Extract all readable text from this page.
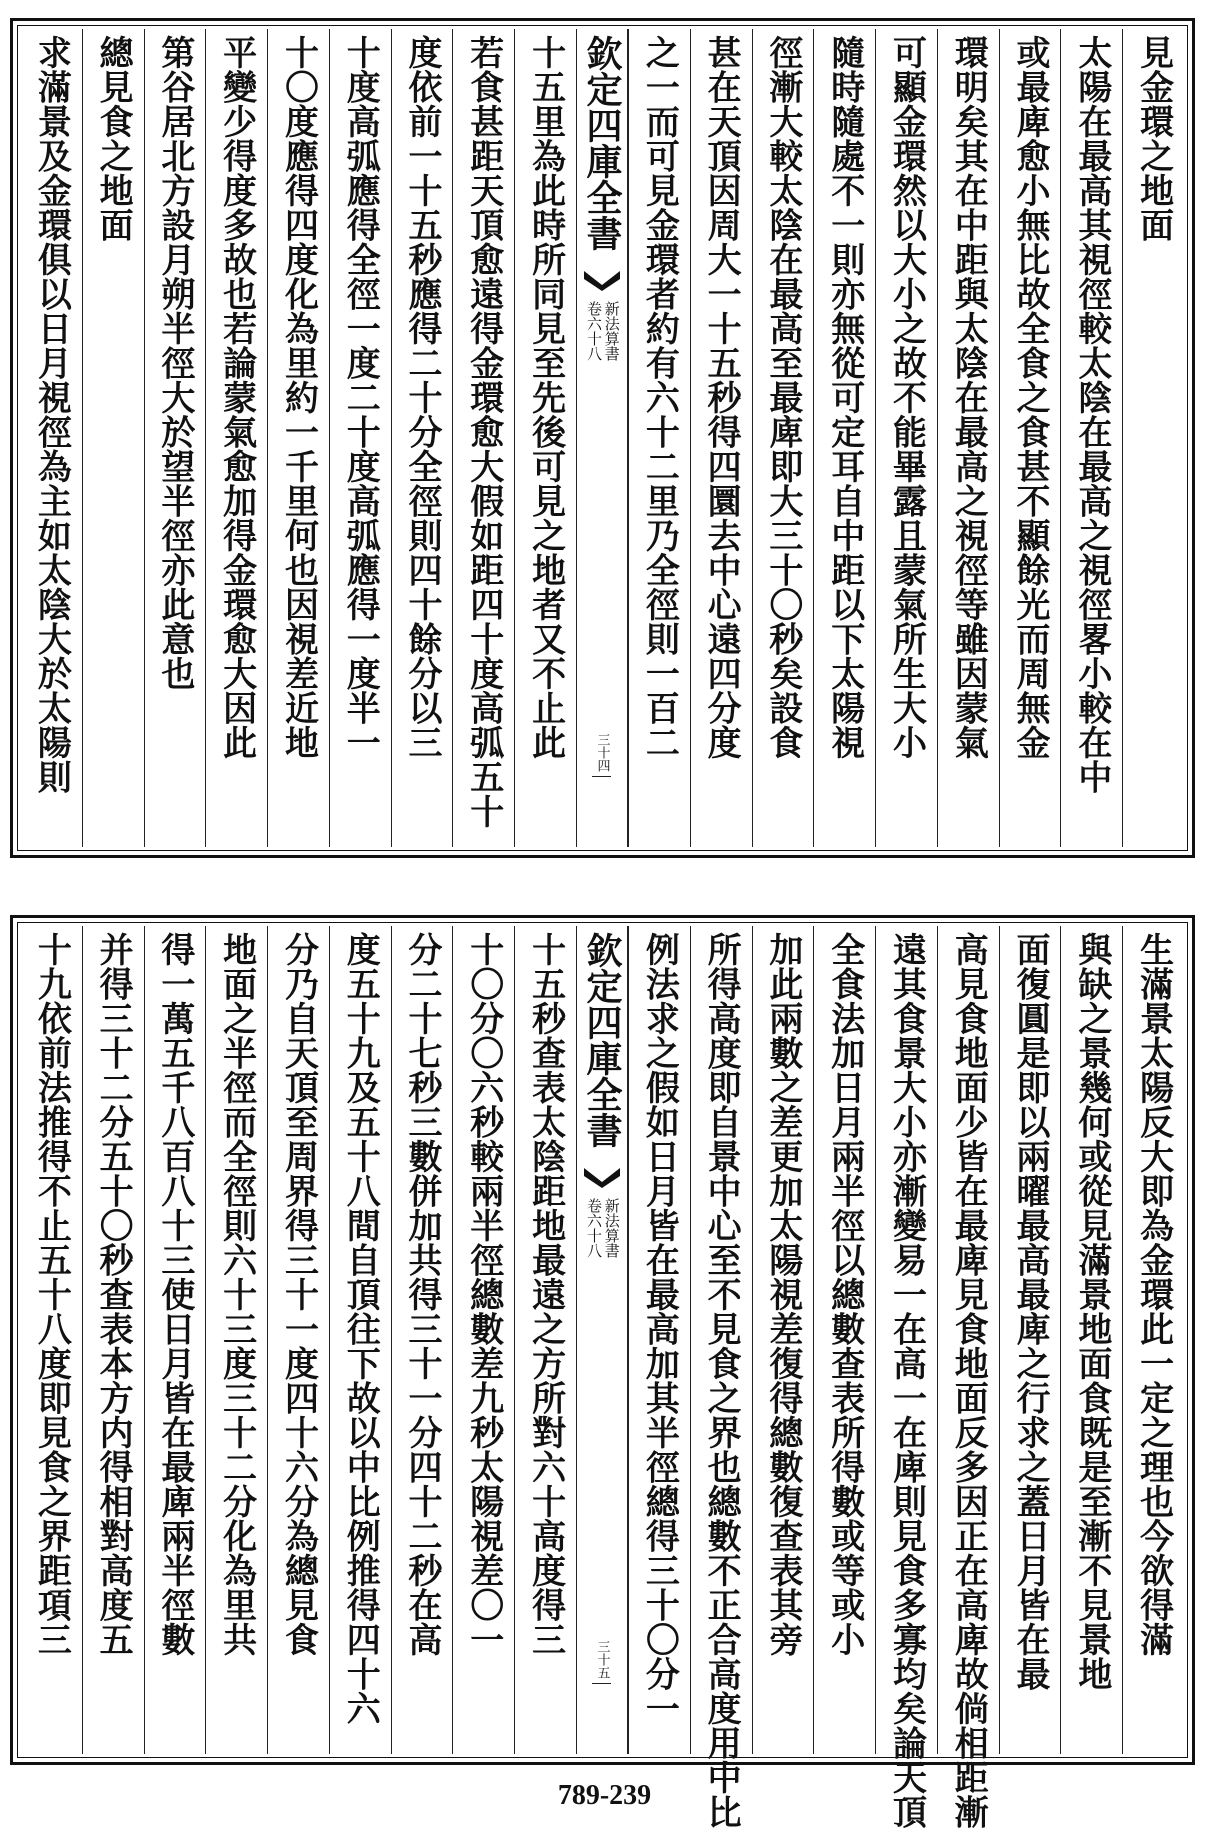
見金環之地面
太陽在最高其視徑較太陰在最高之視徑畧小較在中
或最庳愈小無比故全食之食甚不顯餘光而周無金
環明矣其在中距與太陰在最高之視徑等雖因蒙氣
可顯金環然以大小之故不能畢露且蒙氣所生大小
隨時隨處不一則亦無從可定耳自中距以下太陽視
徑漸大較太陰在最高至最庳即大三十〇秒矣設食
甚在天頂因周大一十五秒得四圜去中心遠四分度
之一而可見金環者約有六十二里乃全徑則一百二
欽定四庫全書
新法算書
卷六十八
三十四
十五里為此時所同見至先後可見之地者又不止此
若食甚距天頂愈遠得金環愈大假如距四十度高弧五十
度依前一十五秒應得二十分全徑則四十餘分以三
十度高弧應得全徑一度二十度高弧應得一度半一
十〇度應得四度化為里約一千里何也因視差近地
平變少得度多故也若論蒙氣愈加得金環愈大因此
第谷居北方設月朔半徑大於望半徑亦此意也
總見食之地面
求滿景及金環俱以日月視徑為主如太陰大於太陽則
生滿景太陽反大即為金環此一定之理也今欲得滿
與缺之景幾何或從見滿景地面食既是至漸不見景地
面復圓是即以兩曜最高最庳之行求之蓋日月皆在最
高見食地面少皆在最庳見食地面反多因正在高庳故倘相距漸
遠其食景大小亦漸變易一在高一在庳則見食多寡均矣論天頂
全食法加日月兩半徑以總數查表所得數或等或小
加此兩數之差更加太陽視差復得總數復查表其旁
所得高度即自景中心至不見食之界也總數不正合高度用中比
例法求之假如日月皆在最高加其半徑總得三十〇分一
欽定四庫全書
新法算書
卷六十八
三十五
十五秒查表太陰距地最遠之方所對六十高度得三
十〇分〇六秒較兩半徑總數差九秒太陽視差〇一
分二十七秒三數併加共得三十一分四十二秒在高
度五十九及五十八間自頂往下故以中比例推得四十六
分乃自天頂至周界得三十一度四十六分為總見食
地面之半徑而全徑則六十三度三十二分化為里共
得一萬五千八百八十三使日月皆在最庳兩半徑數
并得三十二分五十〇秒查表本方内得相對高度五
十九依前法推得不止五十八度即見食之界距項三
789-239
